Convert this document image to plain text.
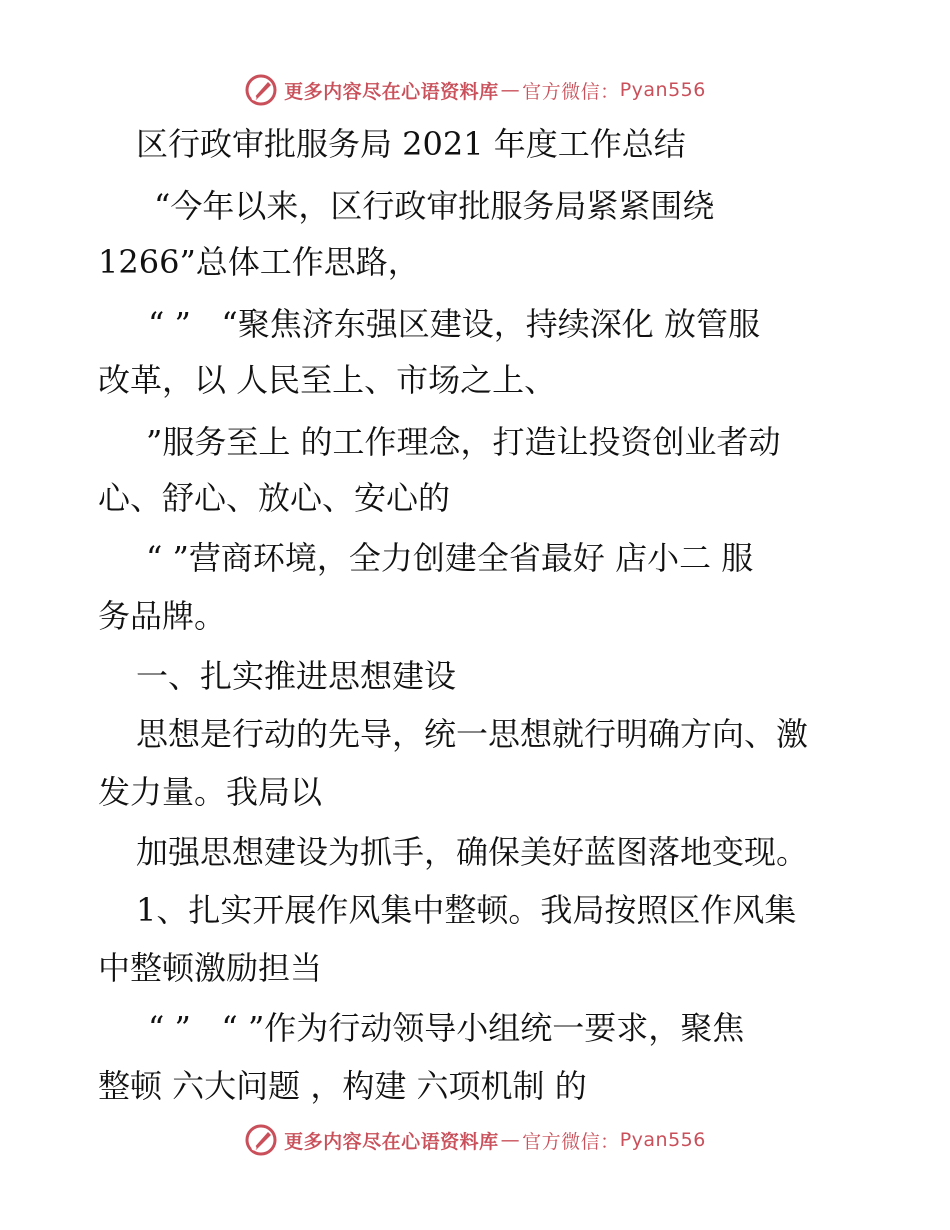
更多内容尽在心语资料库 — 官方微信 ： Pyan556
区行政审批服务局 2021 年度工作总结
“今年以来，区行政审批服务局紧紧围绕
1266”总体工作思路，
“ ”   “聚焦济东强区建设，持续深化 放管服
改革，以 人民至上、市场之上、
”服务至上 的工作理念，打造让投资创业者动
心、舒心、放心、安心的
“ ”营商环境，全力创建全省最好 店小二 服
务品牌。
一、扎实推进思想建设
思想是行动的先导，统一思想就行明确方向、激
发力量。我局以
加强思想建设为抓手，确保美好蓝图落地变现。
1、扎实开展作风集中整顿。我局按照区作风集
中整顿激励担当
“ ”   “ ”作为行动领导小组统一要求，聚焦
整顿 六大问题 ，构建 六项机制 的
更多内容尽在心语资料库 — 官方微信 ： Pyan556
